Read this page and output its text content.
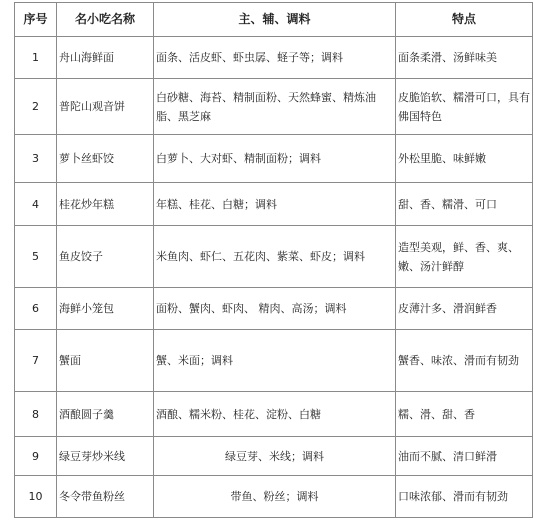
序号	名小吃名称	主、辅、调料	特点
1	舟山海鲜面	面条、活皮虾、虾虫孱、蛏子等；调料	面条柔滑、汤鲜味美
2	普陀山观音饼	白砂糖、海苔、精制面粉、天然蜂蜜、精炼油脂、黑芝麻	皮脆馅软、糯滑可口，具有佛国特色
3	萝卜丝虾饺	白萝卜、大对虾、精制面粉；调料	外松里脆、味鲜嫩
4	桂花炒年糕	年糕、桂花、白糖；调料	甜、香、糯滑、可口
5	鱼皮饺子	米鱼肉、虾仁、五花肉、紫菜、虾皮；调料	造型美观，鲜、香、爽、嫩、汤汁鲜醇
6	海鲜小笼包	面粉、蟹肉、虾肉、 精肉、高汤；调料	皮薄汁多、滑润鲜香
7	蟹面	蟹、米面；调料	蟹香、味浓、滑而有韧劲
8	酒酿圆子羹	酒酿、糯米粉、桂花、淀粉、白糖	糯、滑、甜、香
9	绿豆芽炒米线	绿豆芽、米线；调料	油而不腻、清口鲜滑
10	冬令带鱼粉丝	带鱼、粉丝；调料	口味浓郁、滑而有韧劲
